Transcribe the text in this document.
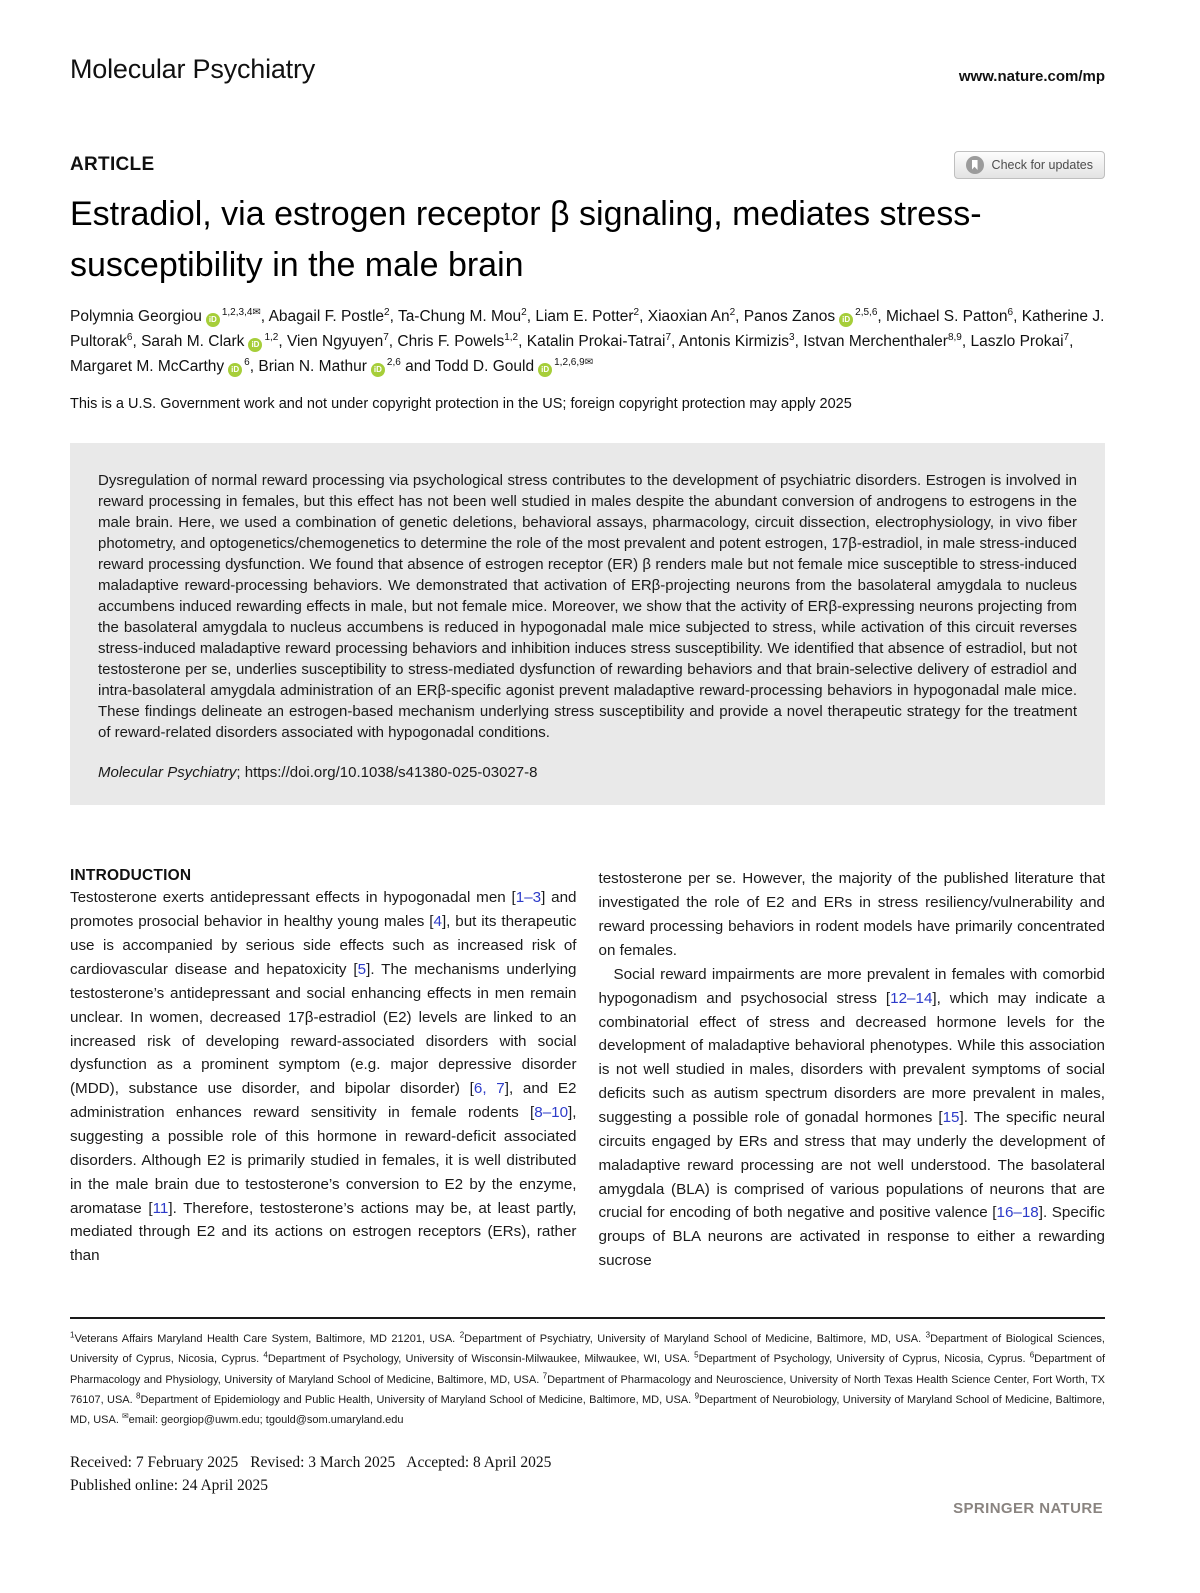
Molecular Psychiatry	www.nature.com/mp
ARTICLE	Check for updates
Estradiol, via estrogen receptor β signaling, mediates stress-
susceptibility in the male brain

Polymnia Georgiou $iD^{1,2,3,4✉}$, Abagail F. Postle$^2$, Ta-Chung M. Mou$^2$, Liam E. Potter$^2$, Xiaoxian An$^2$, Panos Zanos iD$^{2,5,6}$, Michael S. Patton$^6$, Katherine J. Pultorak$^6$, Sarah M. Clark iD$^{1,2}$, Vien Ngyuyen$^7$, Chris F. Powels$^{1,2}$, Katalin Prokai-Tatrai$^7$, Antonis Kirmizis$^3$, Istvan Merchenthaler$^{8,9}$, Laszlo Prokai$^7$, Margaret M. McCarthy $iD^6$, Brian N. Mathur iD$^{2,6}$ and Todd D. Gould $iD^{1,2,6,9✉}$

This is a U.S. Government work and not under copyright protection in the US; foreign copyright protection may apply 2025

Dysregulation of normal reward processing via psychological stress contributes to the development of psychiatric disorders. Estrogen is involved in reward processing in females, but this effect has not been well studied in males despite the abundant conversion of androgens to estrogens in the male brain. Here, we used a combination of genetic deletions, behavioral assays, pharmacology, circuit dissection, electrophysiology, in vivo fiber photometry, and optogenetics/chemogenetics to determine the role of the most prevalent and potent estrogen, 17β-estradiol, in male stress-induced reward processing dysfunction. We found that absence of estrogen receptor (ER) β renders male but not female mice susceptible to stress-induced maladaptive reward-processing behaviors. We demonstrated that activation of ERβ-projecting neurons from the basolateral amygdala to nucleus accumbens induced rewarding effects in male, but not female mice. Moreover, we show that the activity of ERβ-expressing neurons projecting from the basolateral amygdala to nucleus accumbens is reduced in hypogonadal male mice subjected to stress, while activation of this circuit reverses stress-induced maladaptive reward processing behaviors and inhibition induces stress susceptibility. We identified that absence of estradiol, but not testosterone per se, underlies susceptibility to stress-mediated dysfunction of rewarding behaviors and that brain-selective delivery of estradiol and intra-basolateral amygdala administration of an ERβ-specific agonist prevent maladaptive reward-processing behaviors in hypogonadal male mice. These findings delineate an estrogen-based mechanism underlying stress susceptibility and provide a novel therapeutic strategy for the treatment of reward-related disorders associated with hypogonadal conditions.

Molecular Psychiatry; https://doi.org/10.1038/s41380-025-03027-8

INTRODUCTION

Testosterone exerts antidepressant effects in hypogonadal men [1–3] and promotes prosocial behavior in healthy young males [4], but its therapeutic use is accompanied by serious side effects such as increased risk of cardiovascular disease and hepatoxicity [5]. The mechanisms underlying testosterone’s antidepressant and social enhancing effects in men remain unclear. In women, decreased 17β-estradiol (E2) levels are linked to an increased risk of developing reward-associated disorders with social dysfunction as a prominent symptom (e.g. major depressive disorder (MDD), substance use disorder, and bipolar disorder) [6, 7], and E2 administration enhances reward sensitivity in female rodents [8–10], suggesting a possible role of this hormone in reward-deficit associated disorders. Although E2 is primarily studied in females, it is well distributed in the male brain due to testosterone’s conversion to E2 by the enzyme, aromatase [11]. Therefore, testosterone’s actions may be, at least partly, mediated through E2 and its actions on estrogen receptors (ERs), rather than

testosterone per se. However, the majority of the published literature that investigated the role of E2 and ERs in stress resiliency/vulnerability and reward processing behaviors in rodent models have primarily concentrated on females.

Social reward impairments are more prevalent in females with comorbid hypogonadism and psychosocial stress [12–14], which may indicate a combinatorial effect of stress and decreased hormone levels for the development of maladaptive behavioral phenotypes. While this association is not well studied in males, disorders with prevalent symptoms of social deficits such as autism spectrum disorders are more prevalent in males, suggesting a possible role of gonadal hormones [15]. The specific neural circuits engaged by ERs and stress that may underly the development of maladaptive reward processing are not well understood. The basolateral amygdala (BLA) is comprised of various populations of neurons that are crucial for encoding of both negative and positive valence [16–18]. Specific groups of BLA neurons are activated in response to either a rewarding sucrose

$^1$Veterans Affairs Maryland Health Care System, Baltimore, MD 21201, USA. $^2$Department of Psychiatry, University of Maryland School of Medicine, Baltimore, MD, USA. $^3$Department of Biological Sciences, University of Cyprus, Nicosia, Cyprus. $^4$Department of Psychology, University of Wisconsin-Milwaukee, Milwaukee, WI, USA. $^5$Department of Psychology, University of Cyprus, Nicosia, Cyprus. $^6$Department of Pharmacology and Physiology, University of Maryland School of Medicine, Baltimore, MD, USA. $^7$Department of Pharmacology and Neuroscience, University of North Texas Health Science Center, Fort Worth, TX 76107, USA. $^8$Department of Epidemiology and Public Health, University of Maryland School of Medicine, Baltimore, MD, USA. $^9$Department of Neurobiology, University of Maryland School of Medicine, Baltimore, MD, USA. ✉email: georgiop@uwm.edu; tgould@som.umaryland.edu

Received: 7 February 2025 Revised: 3 March 2025 Accepted: 8 April 2025
Published online: 24 April 2025

SPRINGER NATURE
